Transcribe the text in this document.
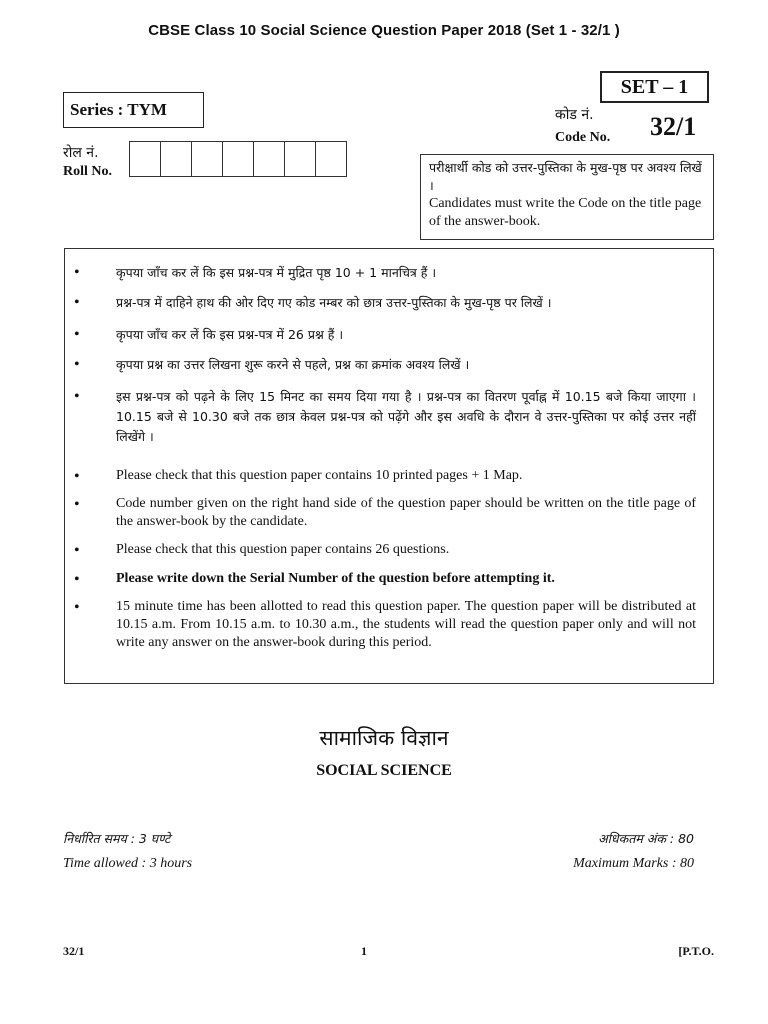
CBSE Class 10 Social Science Question Paper 2018 (Set 1 - 32/1 )
SET – 1
Series : TYM	कोड नं.
Code No. 32/1
रोल नं.
Roll No.	परीक्षार्थी कोड को उत्तर-पुस्तिका के मुख-पृष्ठ पर अवश्य लिखें ।
Candidates must write the Code on the title page of the answer-book.
•	कृपया जाँच कर लें कि इस प्रश्न-पत्र में मुद्रित पृष्ठ 10 + 1 मानचित्र हैं ।
•	प्रश्न-पत्र में दाहिने हाथ की ओर दिए गए कोड नम्बर को छात्र उत्तर-पुस्तिका के मुख-पृष्ठ पर लिखें ।
•	कृपया जाँच कर लें कि इस प्रश्न-पत्र में 26 प्रश्न हैं ।
•	कृपया प्रश्न का उत्तर लिखना शुरू करने से पहले, प्रश्न का क्रमांक अवश्य लिखें ।
•	इस प्रश्न-पत्र को पढ़ने के लिए 15 मिनट का समय दिया गया है । प्रश्न-पत्र का वितरण पूर्वाह्न में 10.15 बजे किया जाएगा । 10.15 बजे से 10.30 बजे तक छात्र केवल प्रश्न-पत्र को पढ़ेंगे और इस अवधि के दौरान वे उत्तर-पुस्तिका पर कोई उत्तर नहीं लिखेंगे ।
•	Please check that this question paper contains 10 printed pages + 1 Map.
•	Code number given on the right hand side of the question paper should be written on the title page of the answer-book by the candidate.
•	Please check that this question paper contains 26 questions.
•	Please write down the Serial Number of the question before attempting it.
•	15 minute time has been allotted to read this question paper. The question paper will be distributed at 10.15 a.m. From 10.15 a.m. to 10.30 a.m., the students will read the question paper only and will not write any answer on the answer-book during this period.
सामाजिक विज्ञान
SOCIAL SCIENCE
निर्धारित समय : 3 घण्टे
Time allowed : 3 hours
अधिकतम अंक : 80
Maximum Marks : 80
32/1	1	[P.T.O.
